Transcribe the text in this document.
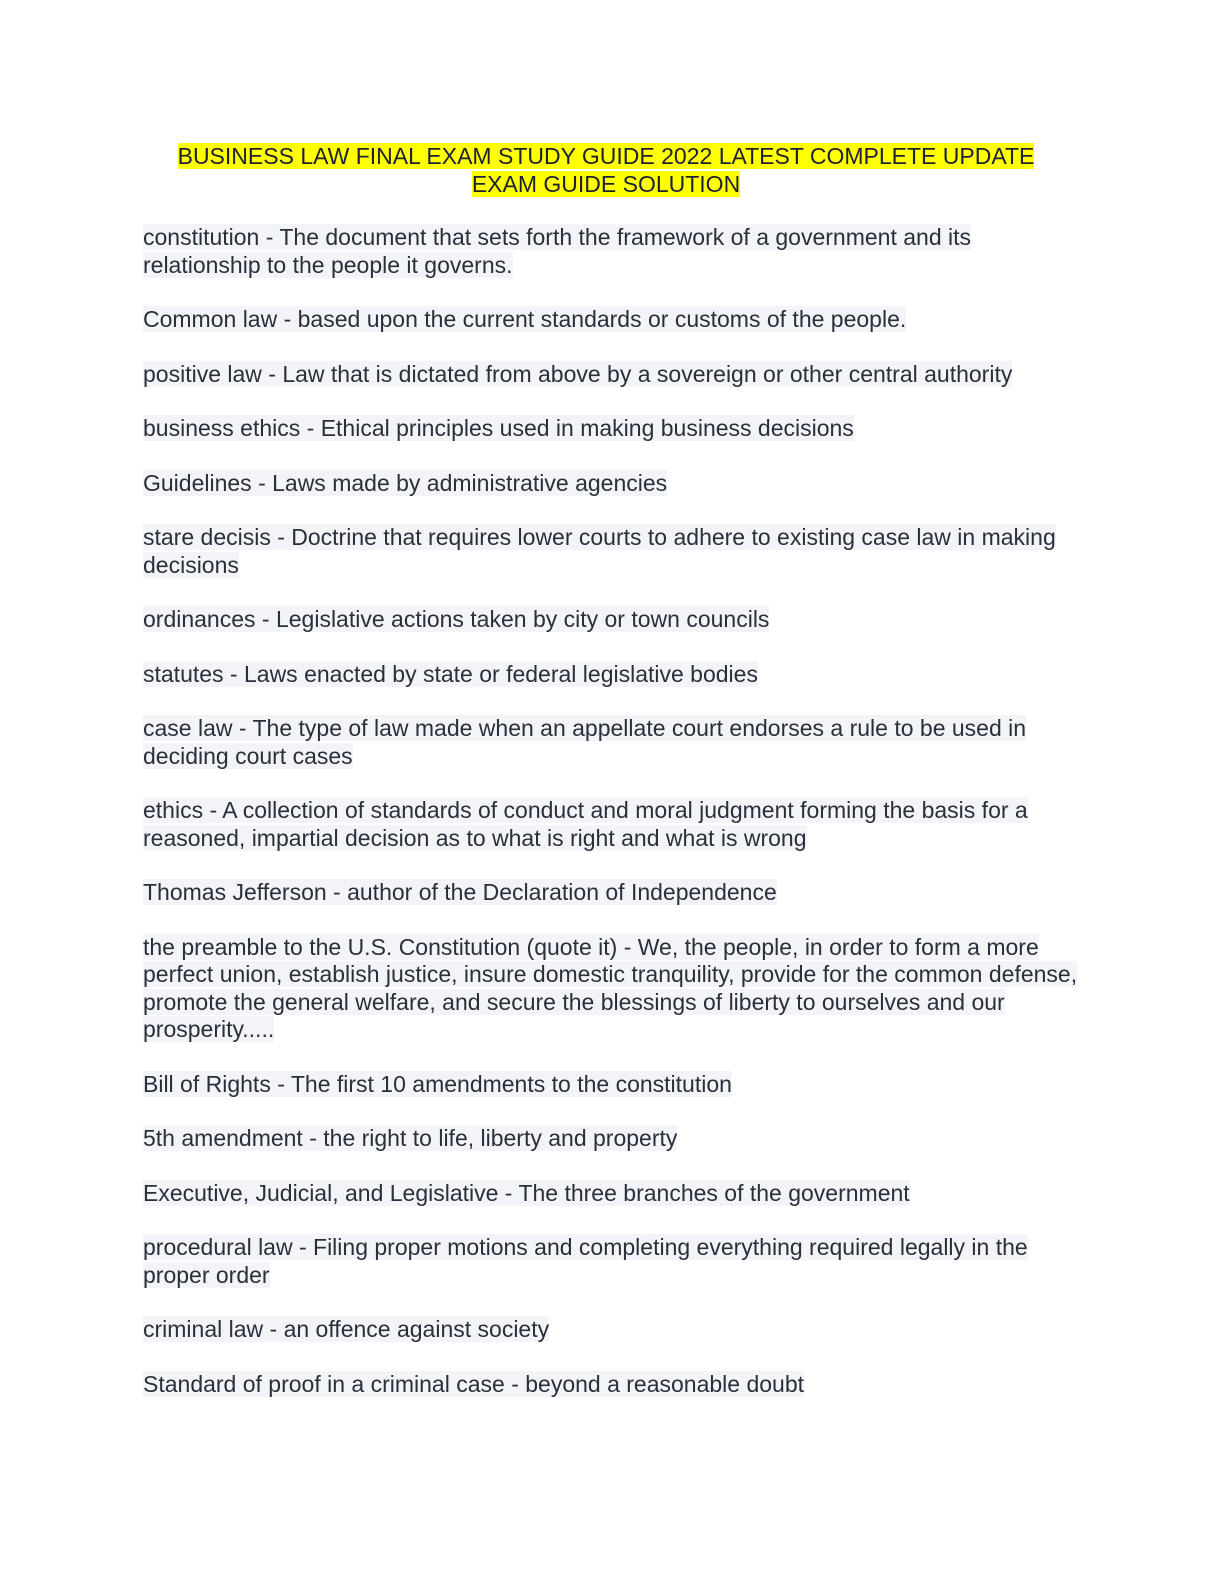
BUSINESS LAW FINAL EXAM STUDY GUIDE 2022 LATEST COMPLETE UPDATE EXAM GUIDE SOLUTION

constitution - The document that sets forth the framework of a government and its relationship to the people it governs.

Common law - based upon the current standards or customs of the people.

positive law - Law that is dictated from above by a sovereign or other central authority

business ethics - Ethical principles used in making business decisions

Guidelines - Laws made by administrative agencies

stare decisis - Doctrine that requires lower courts to adhere to existing case law in making decisions

ordinances - Legislative actions taken by city or town councils

statutes - Laws enacted by state or federal legislative bodies

case law - The type of law made when an appellate court endorses a rule to be used in deciding court cases

ethics - A collection of standards of conduct and moral judgment forming the basis for a reasoned, impartial decision as to what is right and what is wrong

Thomas Jefferson - author of the Declaration of Independence

the preamble to the U.S. Constitution (quote it) - We, the people, in order to form a more perfect union, establish justice, insure domestic tranquility, provide for the common defense, promote the general welfare, and secure the blessings of liberty to ourselves and our prosperity.....

Bill of Rights - The first 10 amendments to the constitution

5th amendment - the right to life, liberty and property

Executive, Judicial, and Legislative - The three branches of the government

procedural law - Filing proper motions and completing everything required legally in the proper order

criminal law - an offence against society

Standard of proof in a criminal case - beyond a reasonable doubt
